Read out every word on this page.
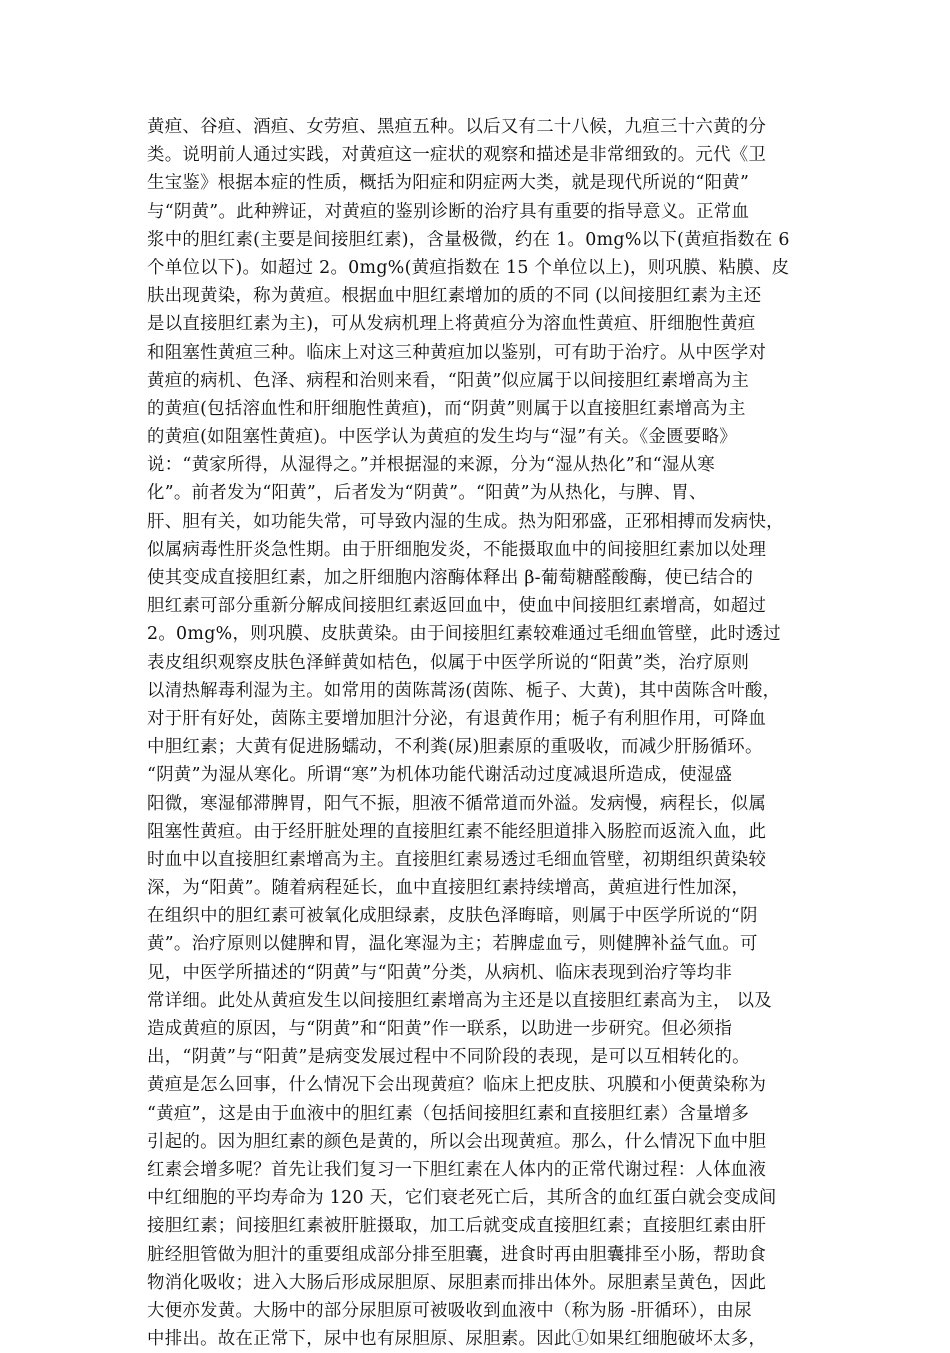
黄疸、谷疸、酒疸、女劳疸、黑疸五种。以后又有二十八候，九疸三十六黄的分
类。说明前人通过实践，对黄疸这一症状的观察和描述是非常细致的。元代《卫
生宝鉴》根据本症的性质，概括为阳症和阴症两大类，就是现代所说的“阳黄”
与“阴黄”。此种辨证，对黄疸的鉴别诊断的治疗具有重要的指导意义。正常血
浆中的胆红素(主要是间接胆红素)，含量极微，约在 1。0mg%以下(黄疸指数在 6
个单位以下)。如超过 2。0mg%(黄疸指数在 15 个单位以上)，则巩膜、粘膜、皮
肤出现黄染，称为黄疸。根据血中胆红素增加的质的不同 (以间接胆红素为主还
是以直接胆红素为主)，可从发病机理上将黄疸分为溶血性黄疸、肝细胞性黄疸
和阻塞性黄疸三种。临床上对这三种黄疸加以鉴别，可有助于治疗。从中医学对
黄疸的病机、色泽、病程和治则来看，“阳黄”似应属于以间接胆红素增高为主
的黄疸(包括溶血性和肝细胞性黄疸)，而“阴黄”则属于以直接胆红素增高为主
的黄疸(如阻塞性黄疸)。中医学认为黄疸的发生均与“湿”有关。《金匮要略》
说：“黄家所得，从湿得之。”并根据湿的来源，分为“湿从热化”和“湿从寒
化”。前者发为“阳黄”，后者发为“阴黄”。“阳黄”为从热化，与脾、胃、
肝、胆有关，如功能失常，可导致内湿的生成。热为阳邪盛，正邪相搏而发病快，
似属病毒性肝炎急性期。由于肝细胞发炎，不能摄取血中的间接胆红素加以处理
使其变成直接胆红素，加之肝细胞内溶酶体释出 β-葡萄糖醛酸酶，使已结合的
胆红素可部分重新分解成间接胆红素返回血中，使血中间接胆红素增高，如超过
2。0mg%，则巩膜、皮肤黄染。由于间接胆红素较难通过毛细血管壁，此时透过
表皮组织观察皮肤色泽鲜黄如桔色，似属于中医学所说的“阳黄”类，治疗原则
以清热解毒利湿为主。如常用的茵陈蒿汤(茵陈、栀子、大黄)，其中茵陈含叶酸，
对于肝有好处，茵陈主要增加胆汁分泌，有退黄作用；栀子有利胆作用，可降血
中胆红素；大黄有促进肠蠕动，不利粪(尿)胆素原的重吸收，而减少肝肠循环。
“阴黄”为湿从寒化。所谓“寒”为机体功能代谢活动过度减退所造成，使湿盛
阳微，寒湿郁滞脾胃，阳气不振，胆液不循常道而外溢。发病慢，病程长，似属
阻塞性黄疸。由于经肝脏处理的直接胆红素不能经胆道排入肠腔而返流入血，此
时血中以直接胆红素增高为主。直接胆红素易透过毛细血管壁，初期组织黄染较
深，为“阳黄”。随着病程延长，血中直接胆红素持续增高，黄疸进行性加深，
在组织中的胆红素可被氧化成胆绿素，皮肤色泽晦暗，则属于中医学所说的“阴
黄”。治疗原则以健脾和胃，温化寒湿为主；若脾虚血亏，则健脾补益气血。可
见，中医学所描述的“阴黄”与“阳黄”分类，从病机、临床表现到治疗等均非
常详细。此处从黄疸发生以间接胆红素增高为主还是以直接胆红素高为主， 以及
造成黄疸的原因，与“阴黄”和“阳黄”作一联系，以助进一步研究。但必须指
出，“阴黄”与“阳黄”是病变发展过程中不同阶段的表现，是可以互相转化的。
黄疸是怎么回事，什么情况下会出现黄疸？临床上把皮肤、巩膜和小便黄染称为
“黄疸”，这是由于血液中的胆红素（包括间接胆红素和直接胆红素）含量增多
引起的。因为胆红素的颜色是黄的，所以会出现黄疸。那么，什么情况下血中胆
红素会增多呢？首先让我们复习一下胆红素在人体内的正常代谢过程：人体血液
中红细胞的平均寿命为 120 天，它们衰老死亡后，其所含的血红蛋白就会变成间
接胆红素；间接胆红素被肝脏摄取，加工后就变成直接胆红素；直接胆红素由肝
脏经胆管做为胆汁的重要组成部分排至胆囊，进食时再由胆囊排至小肠，帮助食
物消化吸收；进入大肠后形成尿胆原、尿胆素而排出体外。尿胆素呈黄色，因此
大便亦发黄。大肠中的部分尿胆原可被吸收到血液中（称为肠 -肝循环），由尿
中排出。故在正常下，尿中也有尿胆原、尿胆素。因此①如果红细胞破坏太多，
